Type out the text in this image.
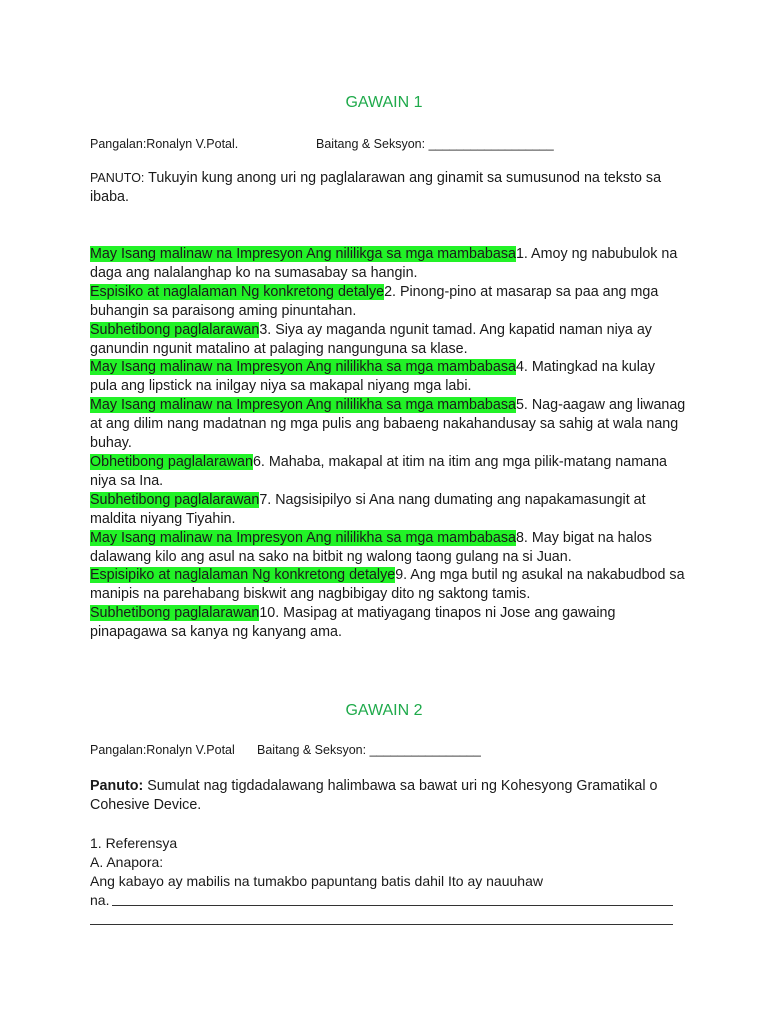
GAWAIN 1
Pangalan:Ronalyn V.Potal.	Baitang & Seksyon: __________________
PANUTO: Tukuyin kung anong uri ng paglalarawan ang ginamit sa sumusunod na teksto sa ibaba.

May Isang malinaw na Impresyon Ang nililikga sa mga mambabasa1. Amoy ng nabubulok na daga ang nalalanghap ko na sumasabay sa hangin.

Espisiko at naglalaman Ng konkretong detalye2. Pinong-pino at masarap sa paa ang mga buhangin sa paraisong aming pinuntahan.

Subhetibong paglalarawan3. Siya ay maganda ngunit tamad. Ang kapatid naman niya ay ganundin ngunit matalino at palaging nangunguna sa klase.

May Isang malinaw na Impresyon Ang nililikha sa mga mambabasa4. Matingkad na kulay pula ang lipstick na inilgay niya sa makapal niyang mga labi.

May Isang malinaw na Impresyon Ang nililikha sa mga mambabasa5. Nag-aagaw ang liwanag at ang dilim nang madatnan ng mga pulis ang babaeng nakahandusay sa sahig at wala nang buhay.

Obhetibong paglalarawan6. Mahaba, makapal at itim na itim ang mga pilik-matang namana niya sa Ina.

Subhetibong paglalarawan7. Nagsisipilyo si Ana nang dumating ang napakamasungit at maldita niyang Tiyahin.

May Isang malinaw na Impresyon Ang nililikha sa mga mambabasa8. May bigat na halos dalawang kilo ang asul na sako na bitbit ng walong taong gulang na si Juan.

Espisipiko at naglalaman Ng konkretong detalye9. Ang mga butil ng asukal na nakabudbod sa manipis na parehabang biskwit ang nagbibigay dito ng saktong tamis.

Subhetibong paglalarawan10. Masipag at matiyagang tinapos ni Jose ang gawaing pinapagawa sa kanya ng kanyang ama.

GAWAIN 2
Pangalan:Ronalyn V.Potal Baitang & Seksyon: ________________
Panuto: Sumulat nag tigdadalawang halimbawa sa bawat uri ng Kohesyong Gramatikal o Cohesive Device.
1. Referensya
A. Anapora:
Ang kabayo ay mabilis na tumakbo papuntang batis dahil Ito ay nauuhaw
na.
